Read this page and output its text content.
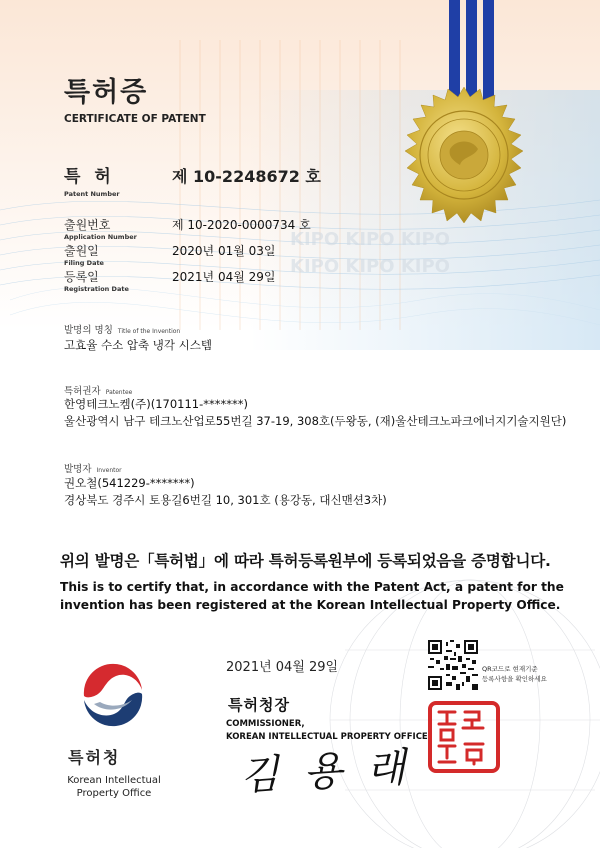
KIPO KIPO KIPO
KIPO KIPO KIPO
특허증
CERTIFICATE OF PATENT
특 허
Patent Number
제 10-2248672 호
출원번호
Application Number
제 10-2020-0000734 호
출원일
Filing Date
2020년 01월 03일
등록일
Registration Date
2021년 04월 29일
발명의 명칭 Title of the Invention
고효율 수소 압축 냉각 시스템
특허권자 Patentee
한영테크노켐(주)(170111-*******)
울산광역시 남구 테크노산업로55번길 37-19, 308호(두왕동, (재)울산테크노파크에너지기술지원단)
발명자 Inventor
권오철(541229-*******)
경상북도 경주시 토용길6번길 10, 301호 (용강동, 대신맨션3차)
위의 발명은「특허법」에 따라 특허등록원부에 등록되었음을 증명합니다.
This is to certify that, in accordance with the Patent Act, a patent for the invention has been registered at the Korean Intellectual Property Office.
특허청
Korean Intellectual
Property Office
2021년 04월 29일
특허청장
COMMISSIONER,
KOREAN INTELLECTUAL PROPERTY OFFICE
김 용 래
QR코드로 현재기준
등록사항을 확인하세요
